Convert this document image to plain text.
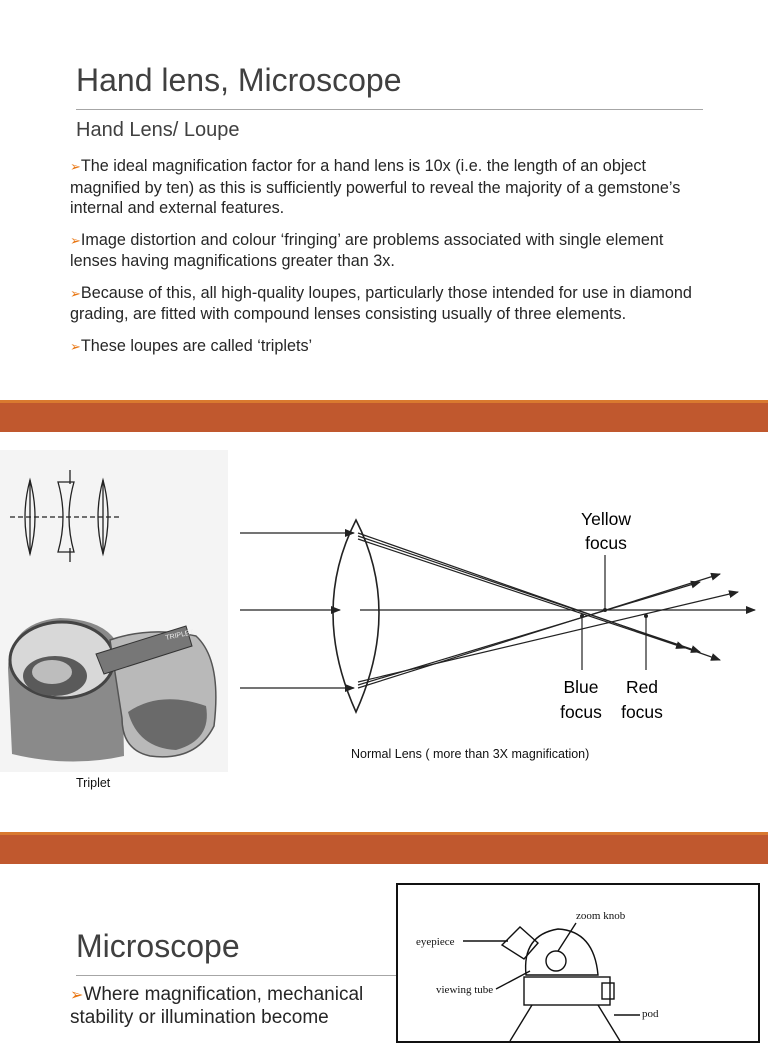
Hand lens, Microscope
Hand Lens/ Loupe
➢The ideal magnification factor for a hand lens is 10x (i.e. the length of an object magnified by ten) as this is sufficiently powerful to reveal the majority of a gemstone’s internal and external features.
➢Image distortion and colour ‘fringing’ are problems associated with single element lenses having magnifications greater than 3x.
➢Because of this, all high-quality loupes, particularly those intended for use in diamond grading, are fitted with compound lenses consisting usually of three elements.
➢These loupes are called ‘triplets’
TRIPLET
Triplet
Yellow
focus
Blue
focus
Red
focus
Normal Lens ( more than 3X magnification)
Microscope
➢Where magnification, mechanical stability or illumination become
zoom knob
eyepiece
viewing tube
pod
